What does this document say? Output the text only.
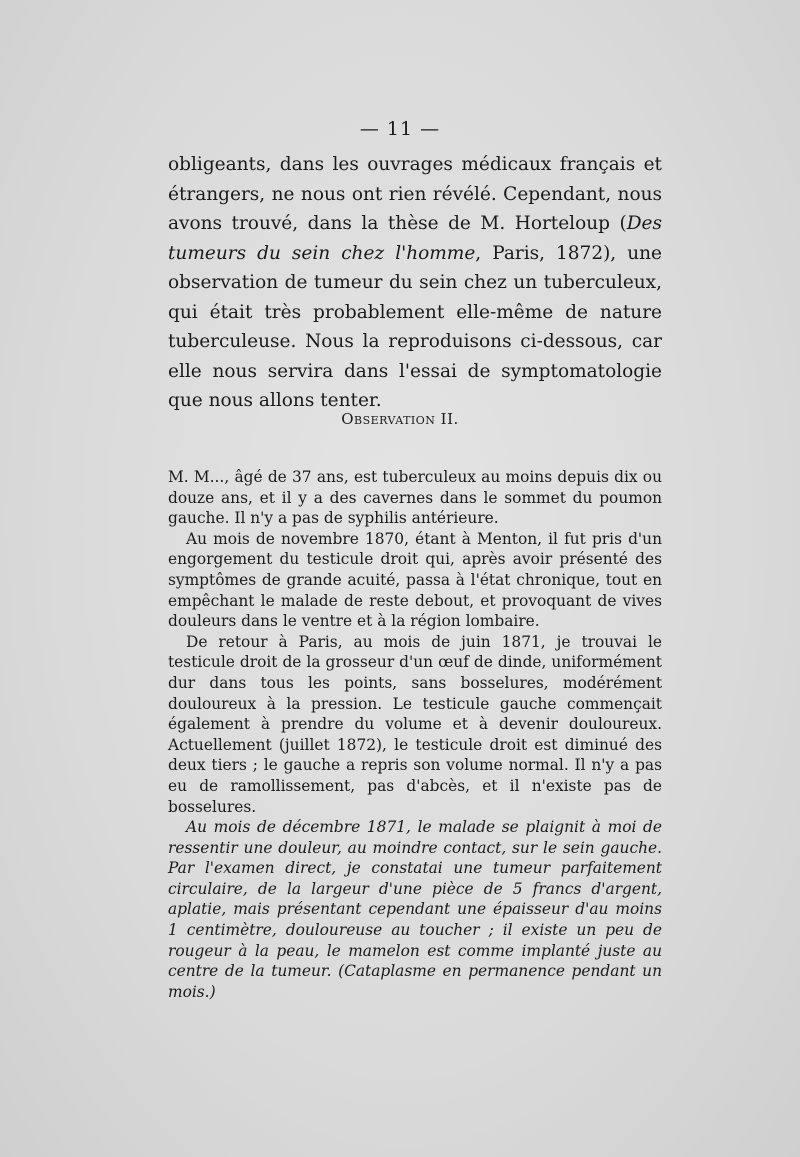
— 11 —

obligeants, dans les ouvrages médicaux français et étrangers, ne nous ont rien révélé. Cependant, nous avons trouvé, dans la thèse de M. Horteloup (Des tumeurs du sein chez l'homme, Paris, 1872), une observation de tumeur du sein chez un tuberculeux, qui était très probablement elle-même de nature tuberculeuse. Nous la reproduisons ci-dessous, car elle nous servira dans l'essai de symptomatologie que nous allons tenter.

Observation II.

M. M..., âgé de 37 ans, est tuberculeux au moins depuis dix ou douze ans, et il y a des cavernes dans le sommet du poumon gauche. Il n'y a pas de syphilis antérieure.

Au mois de novembre 1870, étant à Menton, il fut pris d'un engorgement du testicule droit qui, après avoir présenté des symptômes de grande acuité, passa à l'état chronique, tout en empêchant le malade de reste debout, et provoquant de vives douleurs dans le ventre et à la région lombaire.

De retour à Paris, au mois de juin 1871, je trouvai le testicule droit de la grosseur d'un œuf de dinde, uniformément dur dans tous les points, sans bosselures, modérément douloureux à la pression. Le testicule gauche commençait également à prendre du volume et à devenir douloureux. Actuellement (juillet 1872), le testicule droit est diminué des deux tiers ; le gauche a repris son volume normal. Il n'y a pas eu de ramollissement, pas d'abcès, et il n'existe pas de bosselures.

Au mois de décembre 1871, le malade se plaignit à moi de ressentir une douleur, au moindre contact, sur le sein gauche. Par l'examen direct, je constatai une tumeur parfaitement circulaire, de la largeur d'une pièce de 5 francs d'argent, aplatie, mais présentant cependant une épaisseur d'au moins 1 centimètre, douloureuse au toucher ; il existe un peu de rougeur à la peau, le mamelon est comme implanté juste au centre de la tumeur. (Cataplasme en permanence pendant un mois.)
